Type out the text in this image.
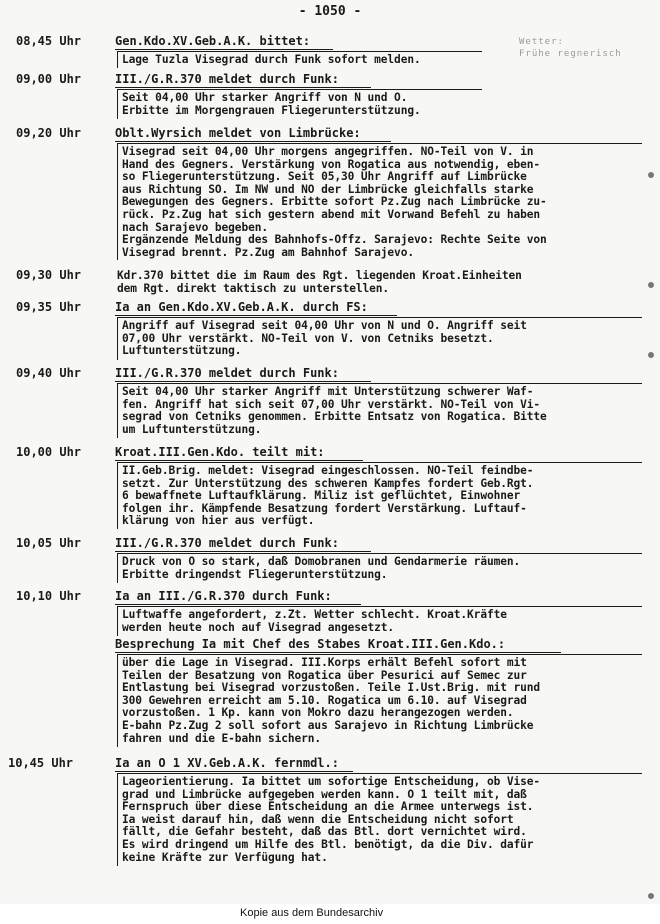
- 1050 -
Wetter:
Frühe regnerisch
08,45 Uhr	Gen.Kdo.XV.Geb.A.K. bittet:
Lage Tuzla Visegrad durch Funk sofort melden.
09,00 Uhr	III./G.R.370 meldet durch Funk:
Seit 04,00 Uhr starker Angriff von N und O.
Erbitte im Morgengrauen Fliegerunterstützung.
09,20 Uhr	Oblt.Wyrsich meldet von Limbrücke:
Visegrad seit 04,00 Uhr morgens angegriffen. NO-Teil von V. in
Hand des Gegners. Verstärkung von Rogatica aus notwendig, eben-
so Fliegerunterstützung. Seit 05,30 Uhr Angriff auf Limbrücke
aus Richtung SO. Im NW und NO der Limbrücke gleichfalls starke
Bewegungen des Gegners. Erbitte sofort Pz.Zug nach Limbrücke zu-
rück. Pz.Zug hat sich gestern abend mit Vorwand Befehl zu haben
nach Sarajevo begeben.
Ergänzende Meldung des Bahnhofs-Offz. Sarajevo: Rechte Seite von
Visegrad brennt. Pz.Zug am Bahnhof Sarajevo.
09,30 Uhr	Kdr.370 bittet die im Raum des Rgt. liegenden Kroat.Einheiten
dem Rgt. direkt taktisch zu unterstellen.
09,35 Uhr	Ia an Gen.Kdo.XV.Geb.A.K. durch FS:
Angriff auf Visegrad seit 04,00 Uhr von N und O. Angriff seit
07,00 Uhr verstärkt. NO-Teil von V. von Cetniks besetzt.
Luftunterstützung.
09,40 Uhr	III./G.R.370 meldet durch Funk:
Seit 04,00 Uhr starker Angriff mit Unterstützung schwerer Waf-
fen. Angriff hat sich seit 07,00 Uhr verstärkt. NO-Teil von Vi-
segrad von Cetniks genommen. Erbitte Entsatz von Rogatica. Bitte
um Luftunterstützung.
10,00 Uhr	Kroat.III.Gen.Kdo. teilt mit:
II.Geb.Brig. meldet: Visegrad eingeschlossen. NO-Teil feindbe-
setzt. Zur Unterstützung des schweren Kampfes fordert Geb.Rgt.
6 bewaffnete Luftaufklärung. Miliz ist geflüchtet, Einwohner
folgen ihr. Kämpfende Besatzung fordert Verstärkung. Luftauf-
klärung von hier aus verfügt.
10,05 Uhr	III./G.R.370 meldet durch Funk:
Druck von O so stark, daß Domobranen und Gendarmerie räumen.
Erbitte dringendst Fliegerunterstützung.
10,10 Uhr	Ia an III./G.R.370 durch Funk:
Luftwaffe angefordert, z.Zt. Wetter schlecht. Kroat.Kräfte
werden heute noch auf Visegrad angesetzt.
Besprechung Ia mit Chef des Stabes Kroat.III.Gen.Kdo.:
über die Lage in Visegrad. III.Korps erhält Befehl sofort mit
Teilen der Besatzung von Rogatica über Pesurici auf Semec zur
Entlastung bei Visegrad vorzustoßen. Teile I.Ust.Brig. mit rund
300 Gewehren erreicht am 5.10. Rogatica um 6.10. auf Visegrad
vorzustoßen. 1 Kp. kann von Mokro dazu herangezogen werden.
E-bahn Pz.Zug 2 soll sofort aus Sarajevo in Richtung Limbrücke
fahren und die E-bahn sichern.
10,45 Uhr	Ia an O 1 XV.Geb.A.K. fernmdl.:
Lageorientierung. Ia bittet um sofortige Entscheidung, ob Vise-
grad und Limbrücke aufgegeben werden kann. O 1 teilt mit, daß
Fernspruch über diese Entscheidung an die Armee unterwegs ist.
Ia weist darauf hin, daß wenn die Entscheidung nicht sofort
fällt, die Gefahr besteht, daß das Btl. dort vernichtet wird.
Es wird dringend um Hilfe des Btl. benötigt, da die Div. dafür
keine Kräfte zur Verfügung hat.
Kopie aus dem Bundesarchiv
